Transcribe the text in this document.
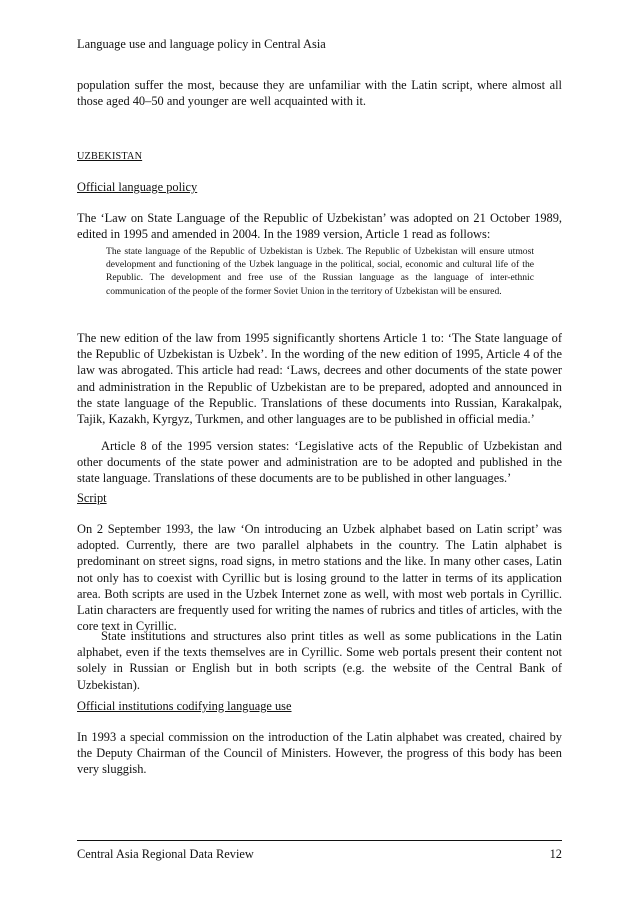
Language use and language policy in Central Asia
population suffer the most, because they are unfamiliar with the Latin script, where almost all those aged 40–50 and younger are well acquainted with it.
UZBEKISTAN
Official language policy
The ‘Law on State Language of the Republic of Uzbekistan’ was adopted on 21 October 1989, edited in 1995 and amended in 2004. In the 1989 version, Article 1 read as follows:
The state language of the Republic of Uzbekistan is Uzbek. The Republic of Uzbekistan will ensure utmost development and functioning of the Uzbek language in the political, social, economic and cultural life of the Republic. The development and free use of the Russian language as the language of inter-ethnic communication of the people of the former Soviet Union in the territory of Uzbekistan will be ensured.
The new edition of the law from 1995 significantly shortens Article 1 to: ‘The State language of the Republic of Uzbekistan is Uzbek’. In the wording of the new edition of 1995, Article 4 of the law was abrogated. This article had read: ‘Laws, decrees and other documents of the state power and administration in the Republic of Uzbekistan are to be prepared, adopted and announced in the state language of the Republic. Translations of these documents into Russian, Karakalpak, Tajik, Kazakh, Kyrgyz, Turkmen, and other languages are to be published in official media.’
Article 8 of the 1995 version states: ‘Legislative acts of the Republic of Uzbekistan and other documents of the state power and administration are to be adopted and published in the state language. Translations of these documents are to be published in other languages.’
Script
On 2 September 1993, the law ‘On introducing an Uzbek alphabet based on Latin script’ was adopted. Currently, there are two parallel alphabets in the country. The Latin alphabet is predominant on street signs, road signs, in metro stations and the like. In many other cases, Latin not only has to coexist with Cyrillic but is losing ground to the latter in terms of its application area. Both scripts are used in the Uzbek Internet zone as well, with most web portals in Cyrillic. Latin characters are frequently used for writing the names of rubrics and titles of articles, with the core text in Cyrillic.
State institutions and structures also print titles as well as some publications in the Latin alphabet, even if the texts themselves are in Cyrillic. Some web portals present their content not solely in Russian or English but in both scripts (e.g. the website of the Central Bank of Uzbekistan).
Official institutions codifying language use
In 1993 a special commission on the introduction of the Latin alphabet was created, chaired by the Deputy Chairman of the Council of Ministers. However, the progress of this body has been very sluggish.
Central Asia Regional Data Review	12
